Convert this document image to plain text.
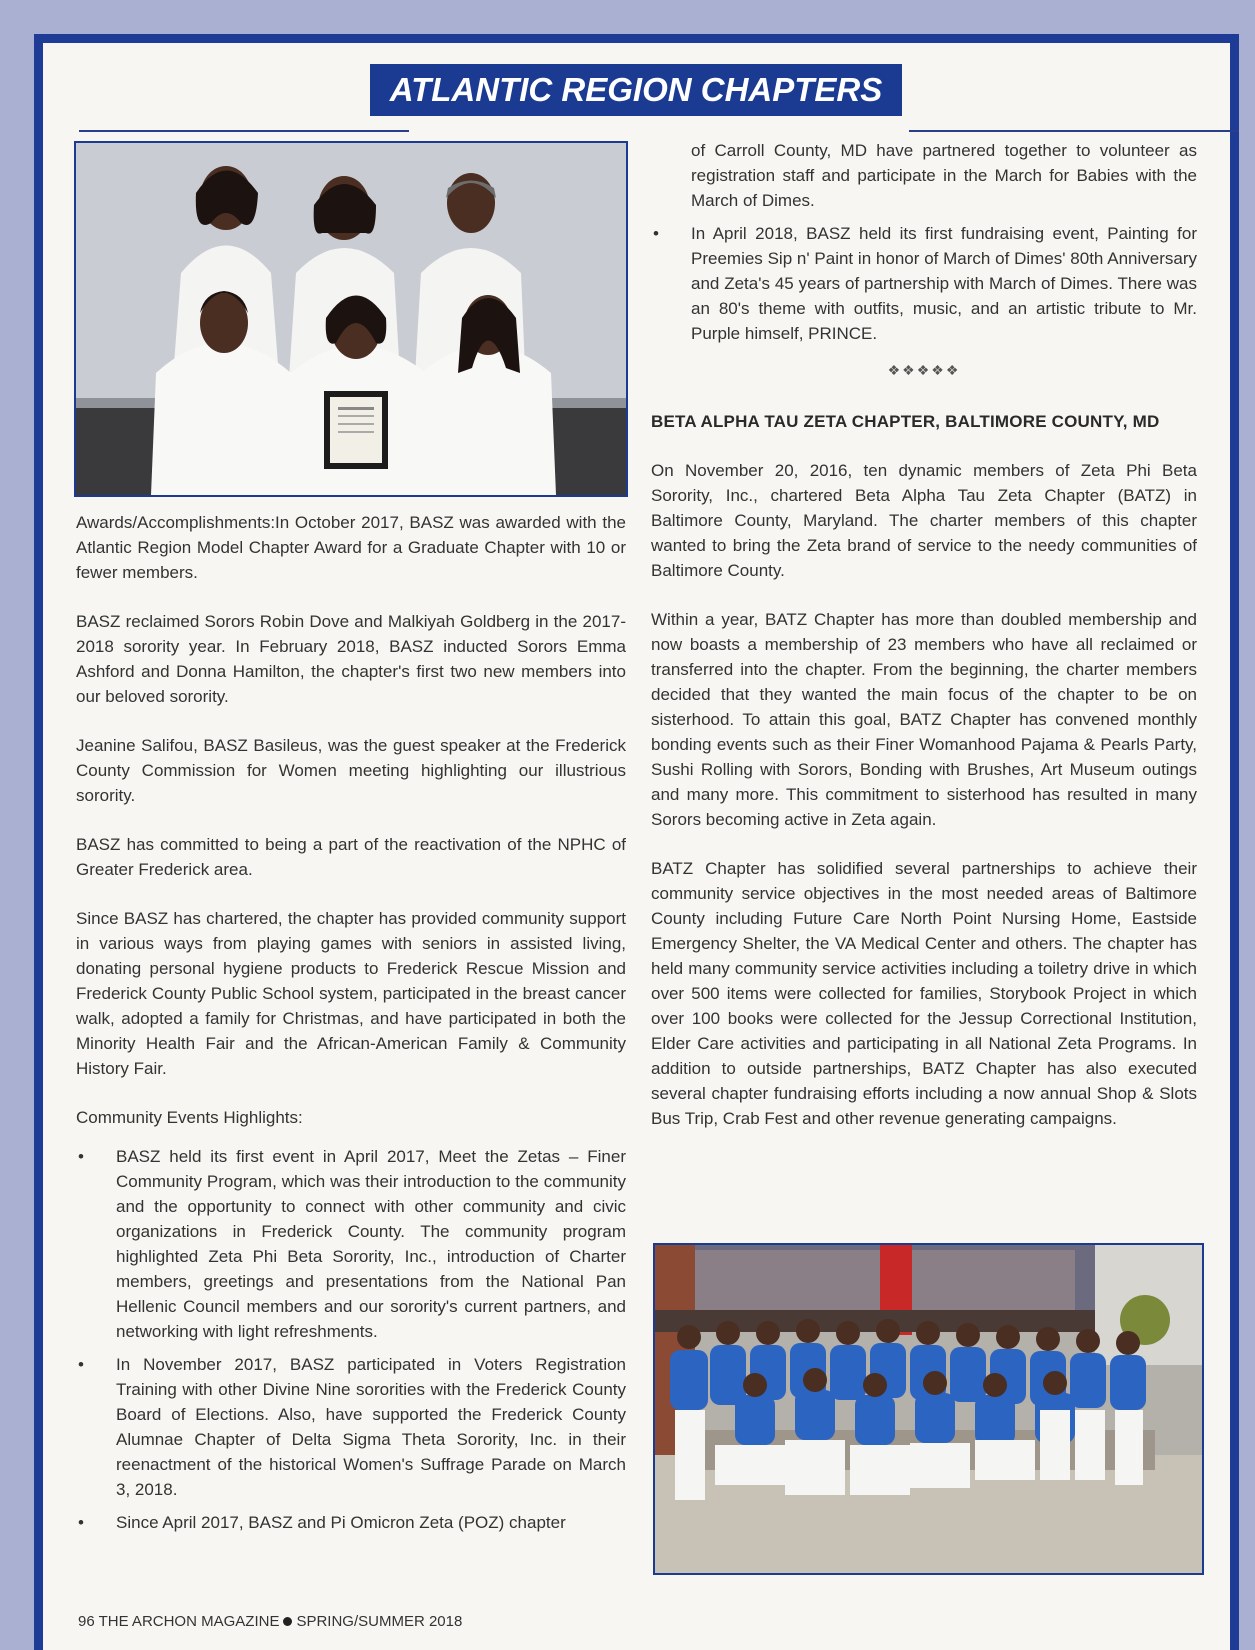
ATLANTIC REGION CHAPTERS

Awards/Accomplishments:In October 2017, BASZ was awarded with the Atlantic Region Model Chapter Award for a Graduate Chapter with 10 or fewer members.

BASZ reclaimed Sorors Robin Dove and Malkiyah Goldberg in the 2017-2018 sorority year. In February 2018, BASZ inducted Sorors Emma Ashford and Donna Hamilton, the chapter's first two new members into our beloved sorority.

Jeanine Salifou, BASZ Basileus, was the guest speaker at the Frederick County Commission for Women meeting highlighting our illustrious sorority.

BASZ has committed to being a part of the reactivation of the NPHC of Greater Frederick area.

Since BASZ has chartered, the chapter has provided community support in various ways from playing games with seniors in assisted living, donating personal hygiene products to Frederick Rescue Mission and Frederick County Public School system, participated in the breast cancer walk, adopted a family for Christmas, and have participated in both the Minority Health Fair and the African-American Family & Community History Fair.

Community Events Highlights:

• BASZ held its first event in April 2017, Meet the Zetas – Finer Community Program, which was their introduction to the community and the opportunity to connect with other community and civic organizations in Frederick County. The community program highlighted Zeta Phi Beta Sorority, Inc., introduction of Charter members, greetings and presentations from the National Pan Hellenic Council members and our sorority's current partners, and networking with light refreshments.
• In November 2017, BASZ participated in Voters Registration Training with other Divine Nine sororities with the Frederick County Board of Elections. Also, have supported the Frederick County Alumnae Chapter of Delta Sigma Theta Sorority, Inc. in their reenactment of the historical Women's Suffrage Parade on March 3, 2018.
• Since April 2017, BASZ and Pi Omicron Zeta (POZ) chapter
of Carroll County, MD have partnered together to volunteer as registration staff and participate in the March for Babies with the March of Dimes.
• In April 2018, BASZ held its first fundraising event, Painting for Preemies Sip n' Paint in honor of March of Dimes' 80th Anniversary and Zeta's 45 years of partnership with March of Dimes. There was an 80's theme with outfits, music, and an artistic tribute to Mr. Purple himself, PRINCE.
❖❖❖❖❖
BETA ALPHA TAU ZETA CHAPTER, BALTIMORE COUNTY, MD

On November 20, 2016, ten dynamic members of Zeta Phi Beta Sorority, Inc., chartered Beta Alpha Tau Zeta Chapter (BATZ) in Baltimore County, Maryland. The charter members of this chapter wanted to bring the Zeta brand of service to the needy communities of Baltimore County.

Within a year, BATZ Chapter has more than doubled membership and now boasts a membership of 23 members who have all reclaimed or transferred into the chapter. From the beginning, the charter members decided that they wanted the main focus of the chapter to be on sisterhood. To attain this goal, BATZ Chapter has convened monthly bonding events such as their Finer Womanhood Pajama & Pearls Party, Sushi Rolling with Sorors, Bonding with Brushes, Art Museum outings and many more. This commitment to sisterhood has resulted in many Sorors becoming active in Zeta again.

BATZ Chapter has solidified several partnerships to achieve their community service objectives in the most needed areas of Baltimore County including Future Care North Point Nursing Home, Eastside Emergency Shelter, the VA Medical Center and others. The chapter has held many community service activities including a toiletry drive in which over 500 items were collected for families, Storybook Project in which over 100 books were collected for the Jessup Correctional Institution, Elder Care activities and participating in all National Zeta Programs. In addition to outside partnerships, BATZ Chapter has also executed several chapter fundraising efforts including a now annual Shop & Slots Bus Trip, Crab Fest and other revenue generating campaigns.

96 THE ARCHON MAGAZINE SPRING/SUMMER 2018
